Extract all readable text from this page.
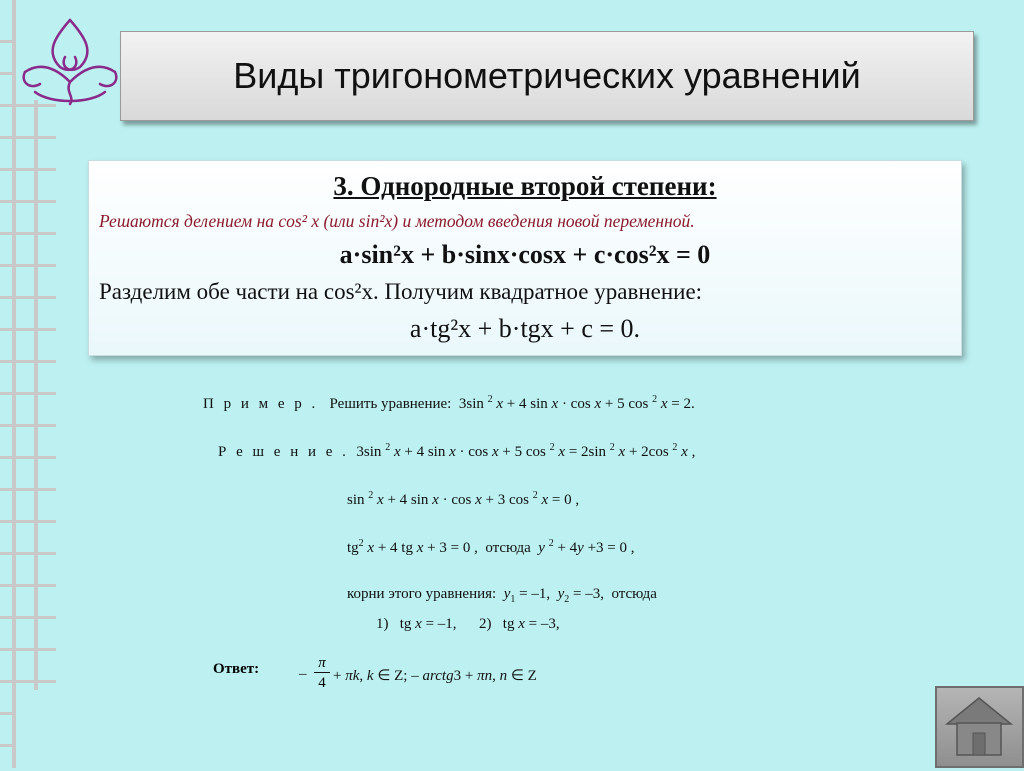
Виды тригонометрических уравнений
3. Однородные второй степени:
Решаются делением на cos² x (или sin²x) и методом введения новой переменной.
a·sin²x + b·sinx·cosx + c·cos²x = 0
Разделим обе части на cos²x. Получим квадратное уравнение:
a·tg²x + b·tgx + c = 0.
П р и м е р . Решить уравнение:  3sin $^2$ x + 4 sin x · cos x + 5 cos $^2$ x = 2.
Р е ш е н и е .  3sin $^2$ x + 4 sin x · cos x + 5 cos $^2$ x = 2sin $^2$ x + 2cos $^2$ x ,
sin $^2$ x + 4 sin x · cos x + 3 cos $^2$ x = 0 ,
$tg^2$ x + 4 tg x + 3 = 0 ,  отсюда y $^2$ + 4y +3 = 0 ,
корни этого уравнения: $y_1 = -1$,  $y_2 = -3$,  отсюда
1)   tg x = –1,      2)   tg x = –3,
Ответ:	– $\frac{\pi}{4} + \pi k$, k ∈ Z; – arctg3 + πn, n ∈ Z
